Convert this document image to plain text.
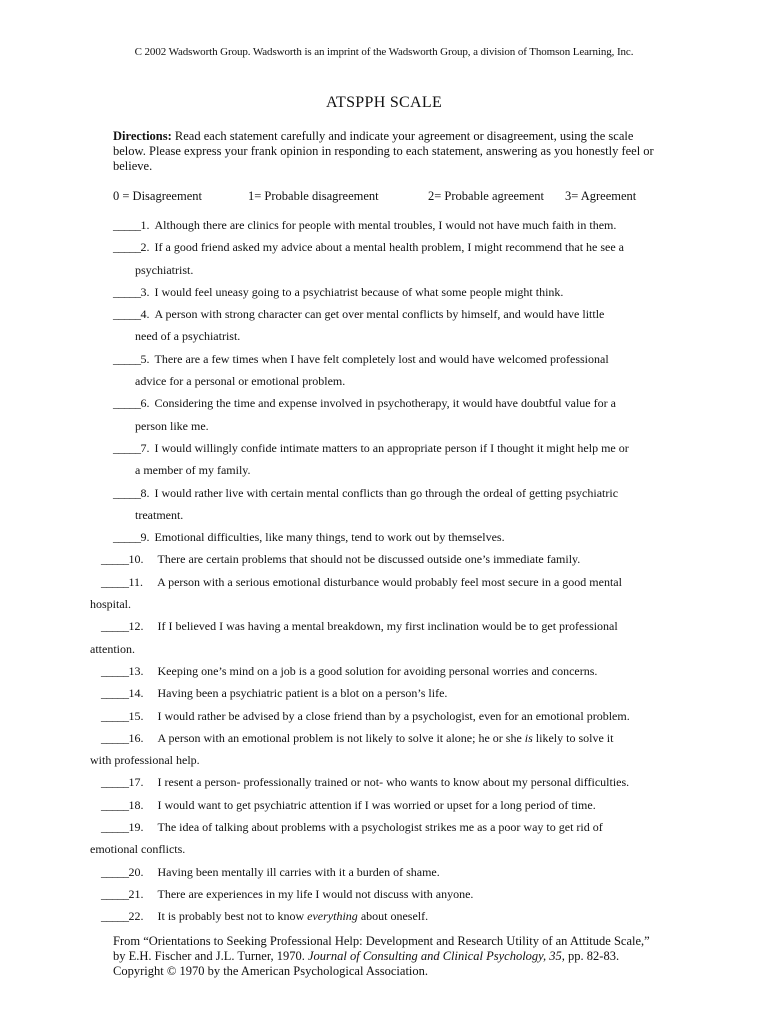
C 2002 Wadsworth Group. Wadsworth is an imprint of the Wadsworth Group, a division of Thomson Learning, Inc.
ATSPPH SCALE
Directions: Read each statement carefully and indicate your agreement or disagreement, using the scale below. Please express your frank opinion in responding to each statement, answering as you honestly feel or believe.
0 = Disagreement	1= Probable disagreement	2= Probable agreement 3= Agreement
_____1. Although there are clinics for people with mental troubles, I would not have much faith in them.
_____2. If a good friend asked my advice about a mental health problem, I might recommend that he see a
psychiatrist.
_____3. I would feel uneasy going to a psychiatrist because of what some people might think.
_____4. A person with strong character can get over mental conflicts by himself, and would have little
need of a psychiatrist.
_____5. There are a few times when I have felt completely lost and would have welcomed professional
advice for a personal or emotional problem.
_____6. Considering the time and expense involved in psychotherapy, it would have doubtful value for a
person like me.
_____7. I would willingly confide intimate matters to an appropriate person if I thought it might help me or
a member of my family.
_____8. I would rather live with certain mental conflicts than go through the ordeal of getting psychiatric
treatment.
_____9. Emotional difficulties, like many things, tend to work out by themselves.
_____10. There are certain problems that should not be discussed outside one’s immediate family.
_____11. A person with a serious emotional disturbance would probably feel most secure in a good mental
hospital.
_____12. If I believed I was having a mental breakdown, my first inclination would be to get professional
attention.
_____13. Keeping one’s mind on a job is a good solution for avoiding personal worries and concerns.
_____14. Having been a psychiatric patient is a blot on a person’s life.
_____15. I would rather be advised by a close friend than by a psychologist, even for an emotional problem.
_____16. A person with an emotional problem is not likely to solve it alone; he or she is likely to solve it
with professional help.
_____17. I resent a person- professionally trained or not- who wants to know about my personal difficulties.
_____18. I would want to get psychiatric attention if I was worried or upset for a long period of time.
_____19. The idea of talking about problems with a psychologist strikes me as a poor way to get rid of
emotional conflicts.
_____20. Having been mentally ill carries with it a burden of shame.
_____21. There are experiences in my life I would not discuss with anyone.
_____22. It is probably best not to know everything about oneself.
From “Orientations to Seeking Professional Help: Development and Research Utility of an Attitude Scale,”
by E.H. Fischer and J.L. Turner, 1970. Journal of Consulting and Clinical Psychology, 35, pp. 82-83.
Copyright © 1970 by the American Psychological Association.
